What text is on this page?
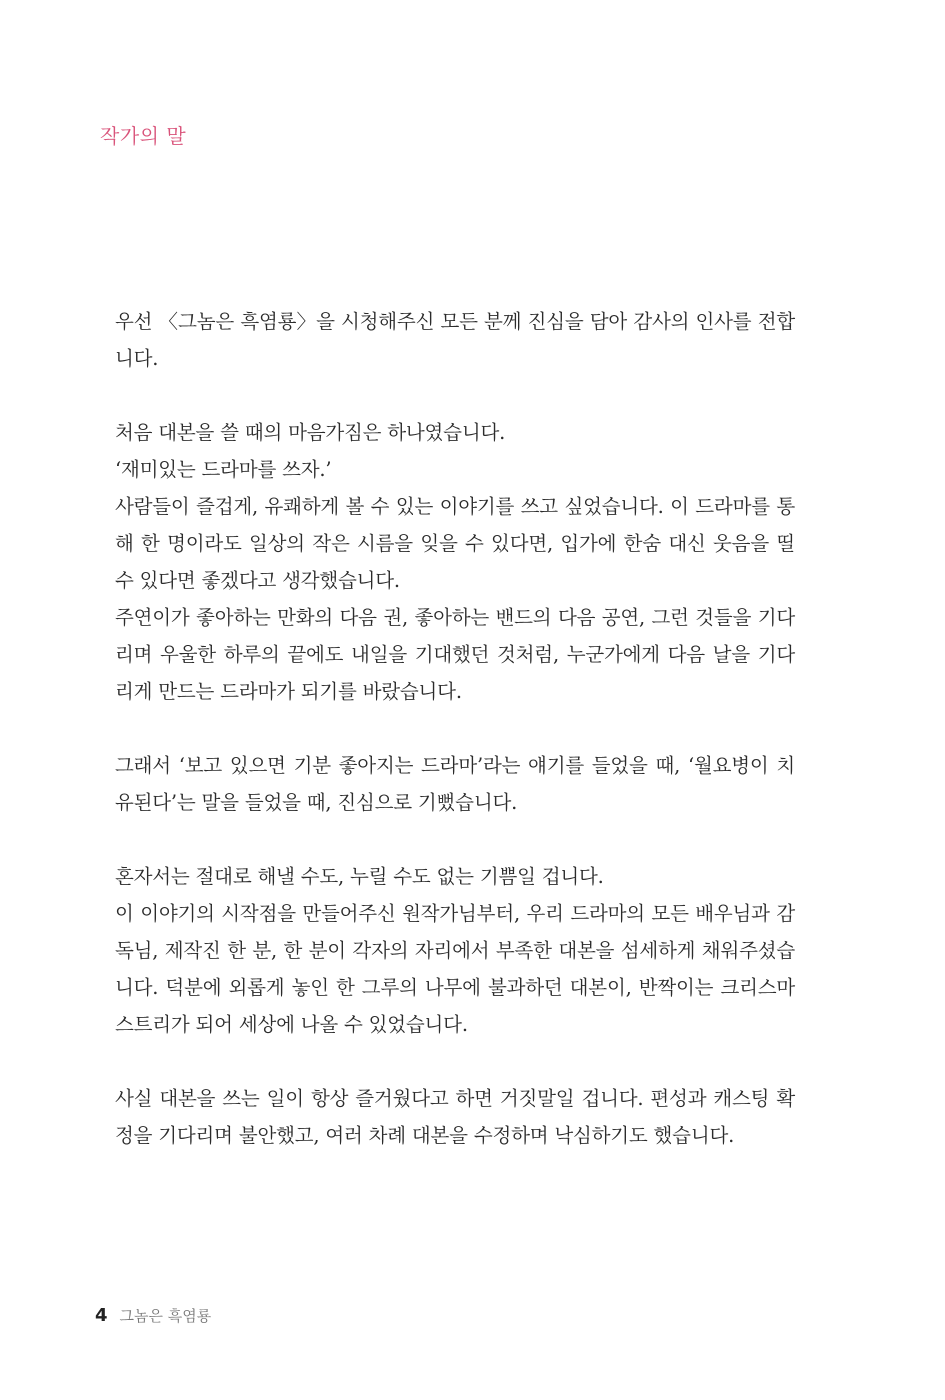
작가의 말

우선 〈그놈은 흑염룡〉을 시청해주신 모든 분께 진심을 담아 감사의 인사를 전합니다.

처음 대본을 쓸 때의 마음가짐은 하나였습니다.

‘재미있는 드라마를 쓰자.’

사람들이 즐겁게, 유쾌하게 볼 수 있는 이야기를 쓰고 싶었습니다. 이 드라마를 통해 한 명이라도 일상의 작은 시름을 잊을 수 있다면, 입가에 한숨 대신 웃음을 띨 수 있다면 좋겠다고 생각했습니다.

주연이가 좋아하는 만화의 다음 권, 좋아하는 밴드의 다음 공연, 그런 것들을 기다리며 우울한 하루의 끝에도 내일을 기대했던 것처럼, 누군가에게 다음 날을 기다리게 만드는 드라마가 되기를 바랐습니다.

그래서 ‘보고 있으면 기분 좋아지는 드라마’라는 얘기를 들었을 때, ‘월요병이 치유된다’는 말을 들었을 때, 진심으로 기뻤습니다.

혼자서는 절대로 해낼 수도, 누릴 수도 없는 기쁨일 겁니다.

이 이야기의 시작점을 만들어주신 원작가님부터, 우리 드라마의 모든 배우님과 감독님, 제작진 한 분, 한 분이 각자의 자리에서 부족한 대본을 섬세하게 채워주셨습니다. 덕분에 외롭게 놓인 한 그루의 나무에 불과하던 대본이, 반짝이는 크리스마스트리가 되어 세상에 나올 수 있었습니다.

사실 대본을 쓰는 일이 항상 즐거웠다고 하면 거짓말일 겁니다. 편성과 캐스팅 확정을 기다리며 불안했고, 여러 차례 대본을 수정하며 낙심하기도 했습니다.

4 그놈은 흑염룡
